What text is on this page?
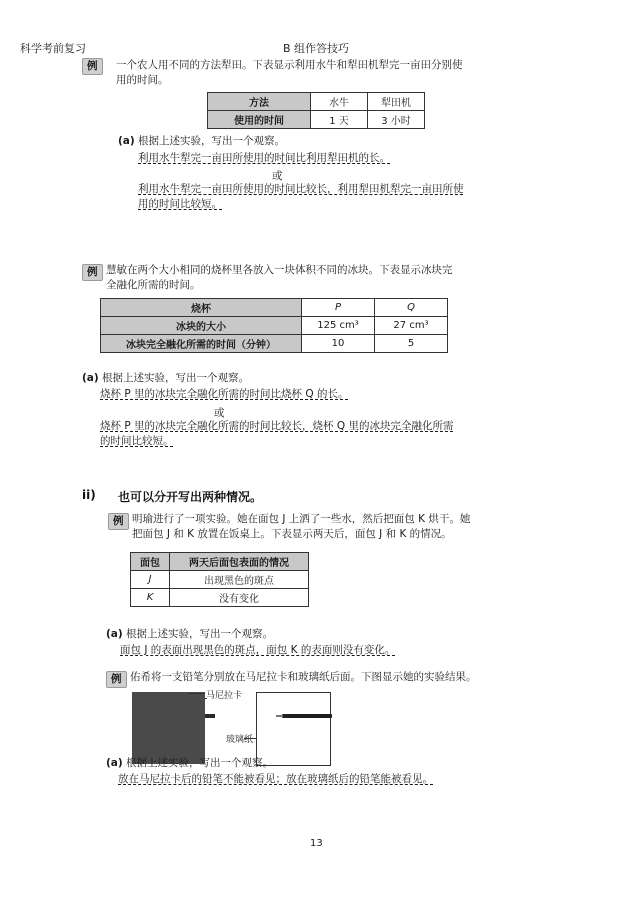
科学考前复习	B 组作答技巧
例	一个农人用不同的方法犁田。下表显示利用水牛和犁田机犁完一亩田分别使
用的时间。
方法	水牛	犁田机
使用的时间	1 天	3 小时
(a) 根据上述实验，写出一个观察。
利用水牛犁完一亩田所使用的时间比利用犁田机的长。
或
利用水牛犁完一亩田所使用的时间比较长，利用犁田机犁完一亩田所使
用的时间比较短。
例 慧敏在两个大小相同的烧杯里各放入一块体积不同的冰块。下表显示冰块完
全融化所需的时间。
烧杯	P	Q
冰块的大小	125 cm³	27 cm³
冰块完全融化所需的时间（分钟）	10	5
(a) 根据上述实验，写出一个观察。
烧杯 P 里的冰块完全融化所需的时间比烧杯 Q 的长。
或
烧杯 P 里的冰块完全融化所需的时间比较长，烧杯 Q 里的冰块完全融化所需
的时间比较短。
ii) 也可以分开写出两种情况。
例 明瑜进行了一项实验。她在面包 J 上洒了一些水，然后把面包 K 烘干。她
把面包 J 和 K 放置在饭桌上。下表显示两天后，面包 J 和 K 的情况。
面包	两天后面包表面的情况
J	出现黑色的斑点
K	没有变化
(a) 根据上述实验，写出一个观察。
面包 J 的表面出现黑色的斑点，面包 K 的表面则没有变化。
例 佑希将一支铅笔分别放在马尼拉卡和玻璃纸后面。下图显示她的实验结果。
马尼拉卡
玻璃纸
(a) 根据上述实验，写出一个观察。
放在马尼拉卡后的铅笔不能被看见；放在玻璃纸后的铅笔能被看见。
13
